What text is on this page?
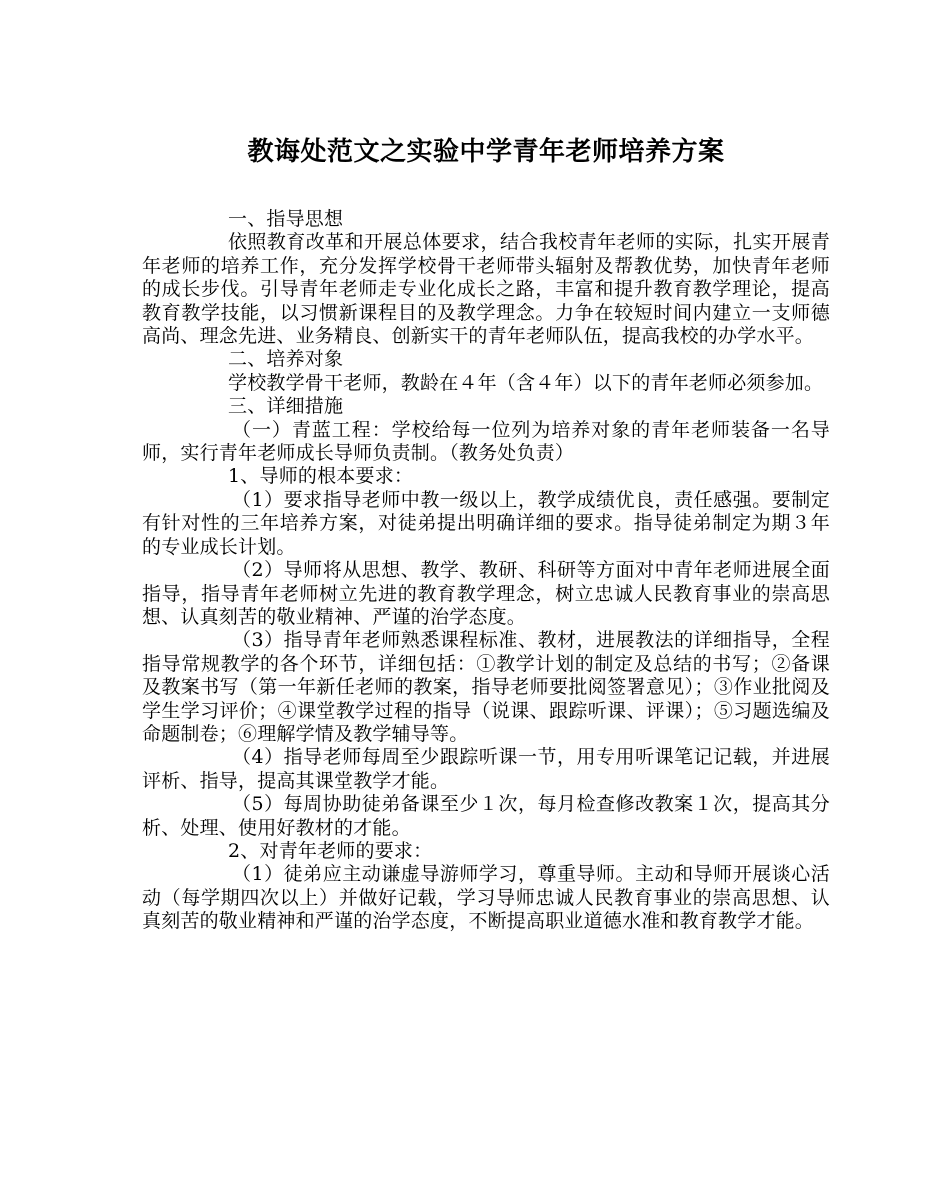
教诲处范文之实验中学青年老师培养方案

一、指导思想

依照教育改革和开展总体要求，结合我校青年老师的实际，扎实开展青年老师的培养工作，充分发挥学校骨干老师带头辐射及帮教优势，加快青年老师的成长步伐。引导青年老师走专业化成长之路，丰富和提升教育教学理论，提高教育教学技能，以习惯新课程目的及教学理念。力争在较短时间内建立一支师德高尚、理念先进、业务精良、创新实干的青年老师队伍，提高我校的办学水平。

二、培养对象

学校教学骨干老师，教龄在４年（含４年）以下的青年老师必须参加。

三、详细措施

（一）青蓝工程：学校给每一位列为培养对象的青年老师装备一名导师，实行青年老师成长导师负责制。（教务处负责）

1、导师的根本要求：

（1）要求指导老师中教一级以上，教学成绩优良，责任感强。要制定有针对性的三年培养方案，对徒弟提出明确详细的要求。指导徒弟制定为期３年的专业成长计划。

（2）导师将从思想、教学、教研、科研等方面对中青年老师进展全面指导，指导青年老师树立先进的教育教学理念，树立忠诚人民教育事业的崇高思想、认真刻苦的敬业精神、严谨的治学态度。

（3）指导青年老师熟悉课程标准、教材，进展教法的详细指导，全程指导常规教学的各个环节，详细包括：①教学计划的制定及总结的书写；②备课及教案书写（第一年新任老师的教案，指导老师要批阅签署意见）；③作业批阅及学生学习评价；④课堂教学过程的指导（说课、跟踪听课、评课）；⑤习题选编及命题制卷；⑥理解学情及教学辅导等。

（4）指导老师每周至少跟踪听课一节，用专用听课笔记记载，并进展评析、指导，提高其课堂教学才能。

（5）每周协助徒弟备课至少１次，每月检查修改教案１次，提高其分析、处理、使用好教材的才能。

2、对青年老师的要求：

（1）徒弟应主动谦虚导游师学习，尊重导师。主动和导师开展谈心活动（每学期四次以上）并做好记载，学习导师忠诚人民教育事业的崇高思想、认真刻苦的敬业精神和严谨的治学态度，不断提高职业道德水准和教育教学才能。
